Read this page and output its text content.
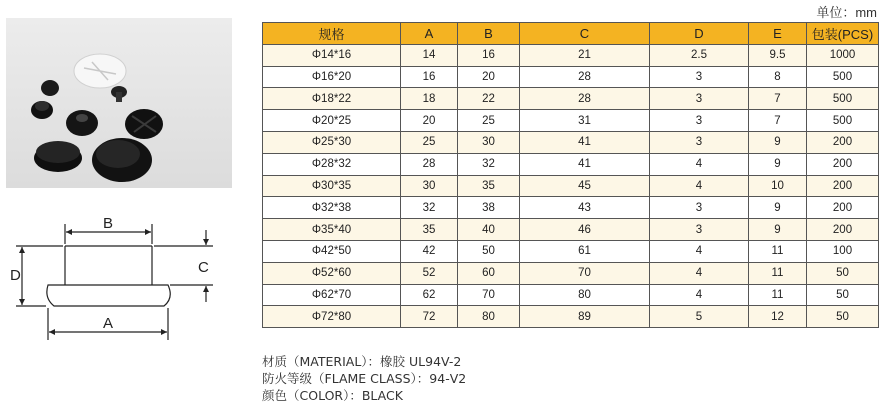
B
A
D	C
单位：mm
规格	A	B	C	D	E	包装(PCS)
Φ14*16	14	16	21	2.5	9.5	1000
Φ16*20	16	20	28	3	8	500
Φ18*22	18	22	28	3	7	500
Φ20*25	20	25	31	3	7	500
Φ25*30	25	30	41	3	9	200
Φ28*32	28	32	41	4	9	200
Φ30*35	30	35	45	4	10	200
Φ32*38	32	38	43	3	9	200
Φ35*40	35	40	46	3	9	200
Φ42*50	42	50	61	4	11	100
Φ52*60	52	60	70	4	11	50
Φ62*70	62	70	80	4	11	50
Φ72*80	72	80	89	5	12	50
材质（MATERIAL）：橡胶 UL94V-2
防火等级（FLAME CLASS）：94-V2
颜色（COLOR）：BLACK
